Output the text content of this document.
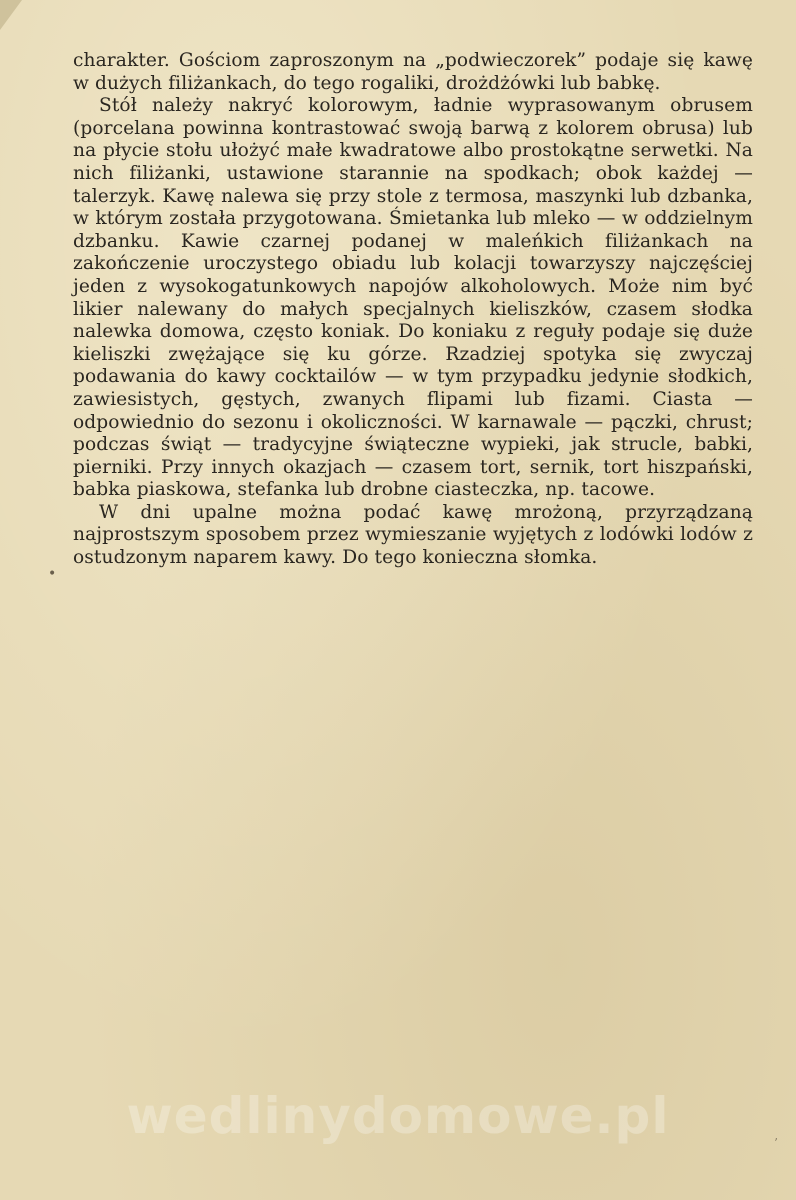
charakter. Gościom zaproszonym na „podwieczorek” podaje się kawę w dużych filiżankach, do tego rogaliki, drożdżówki lub babkę.

Stół należy nakryć kolorowym, ładnie wyprasowanym obrusem (porcelana powinna kontrastować swoją barwą z kolorem obrusa) lub na płycie stołu ułożyć małe kwadratowe albo prostokątne serwetki. Na nich filiżanki, ustawione starannie na spodkach; obok każdej — talerzyk. Kawę nalewa się przy stole z termosa, maszynki lub dzbanka, w którym została przygotowana. Śmietanka lub mleko — w oddzielnym dzbanku. Kawie czarnej podanej w maleńkich filiżankach na zakończenie uroczystego obiadu lub kolacji towarzyszy najczęściej jeden z wysokogatunkowych napojów alkoholowych. Może nim być likier nalewany do małych specjalnych kieliszków, czasem słodka nalewka domowa, często koniak. Do koniaku z reguły podaje się duże kieliszki zwężające się ku górze. Rzadziej spotyka się zwyczaj podawania do kawy cocktailów — w tym przypadku jedynie słodkich, zawiesistych, gęstych, zwanych flipami lub fizami. Ciasta — odpowiednio do sezonu i okoliczności. W karnawale — pączki, chrust; podczas świąt — tradycyjne świąteczne wypieki, jak strucle, babki, pierniki. Przy innych okazjach — czasem tort, sernik, tort hiszpański, babka piaskowa, stefanka lub drobne ciasteczka, np. tacowe.

W dni upalne można podać kawę mrożoną, przyrządzaną najprostszym sposobem przez wymieszanie wyjętych z lodówki lodów z ostudzonym naparem kawy. Do tego konieczna słomka.

•
wedlinydomowe.pl	’
